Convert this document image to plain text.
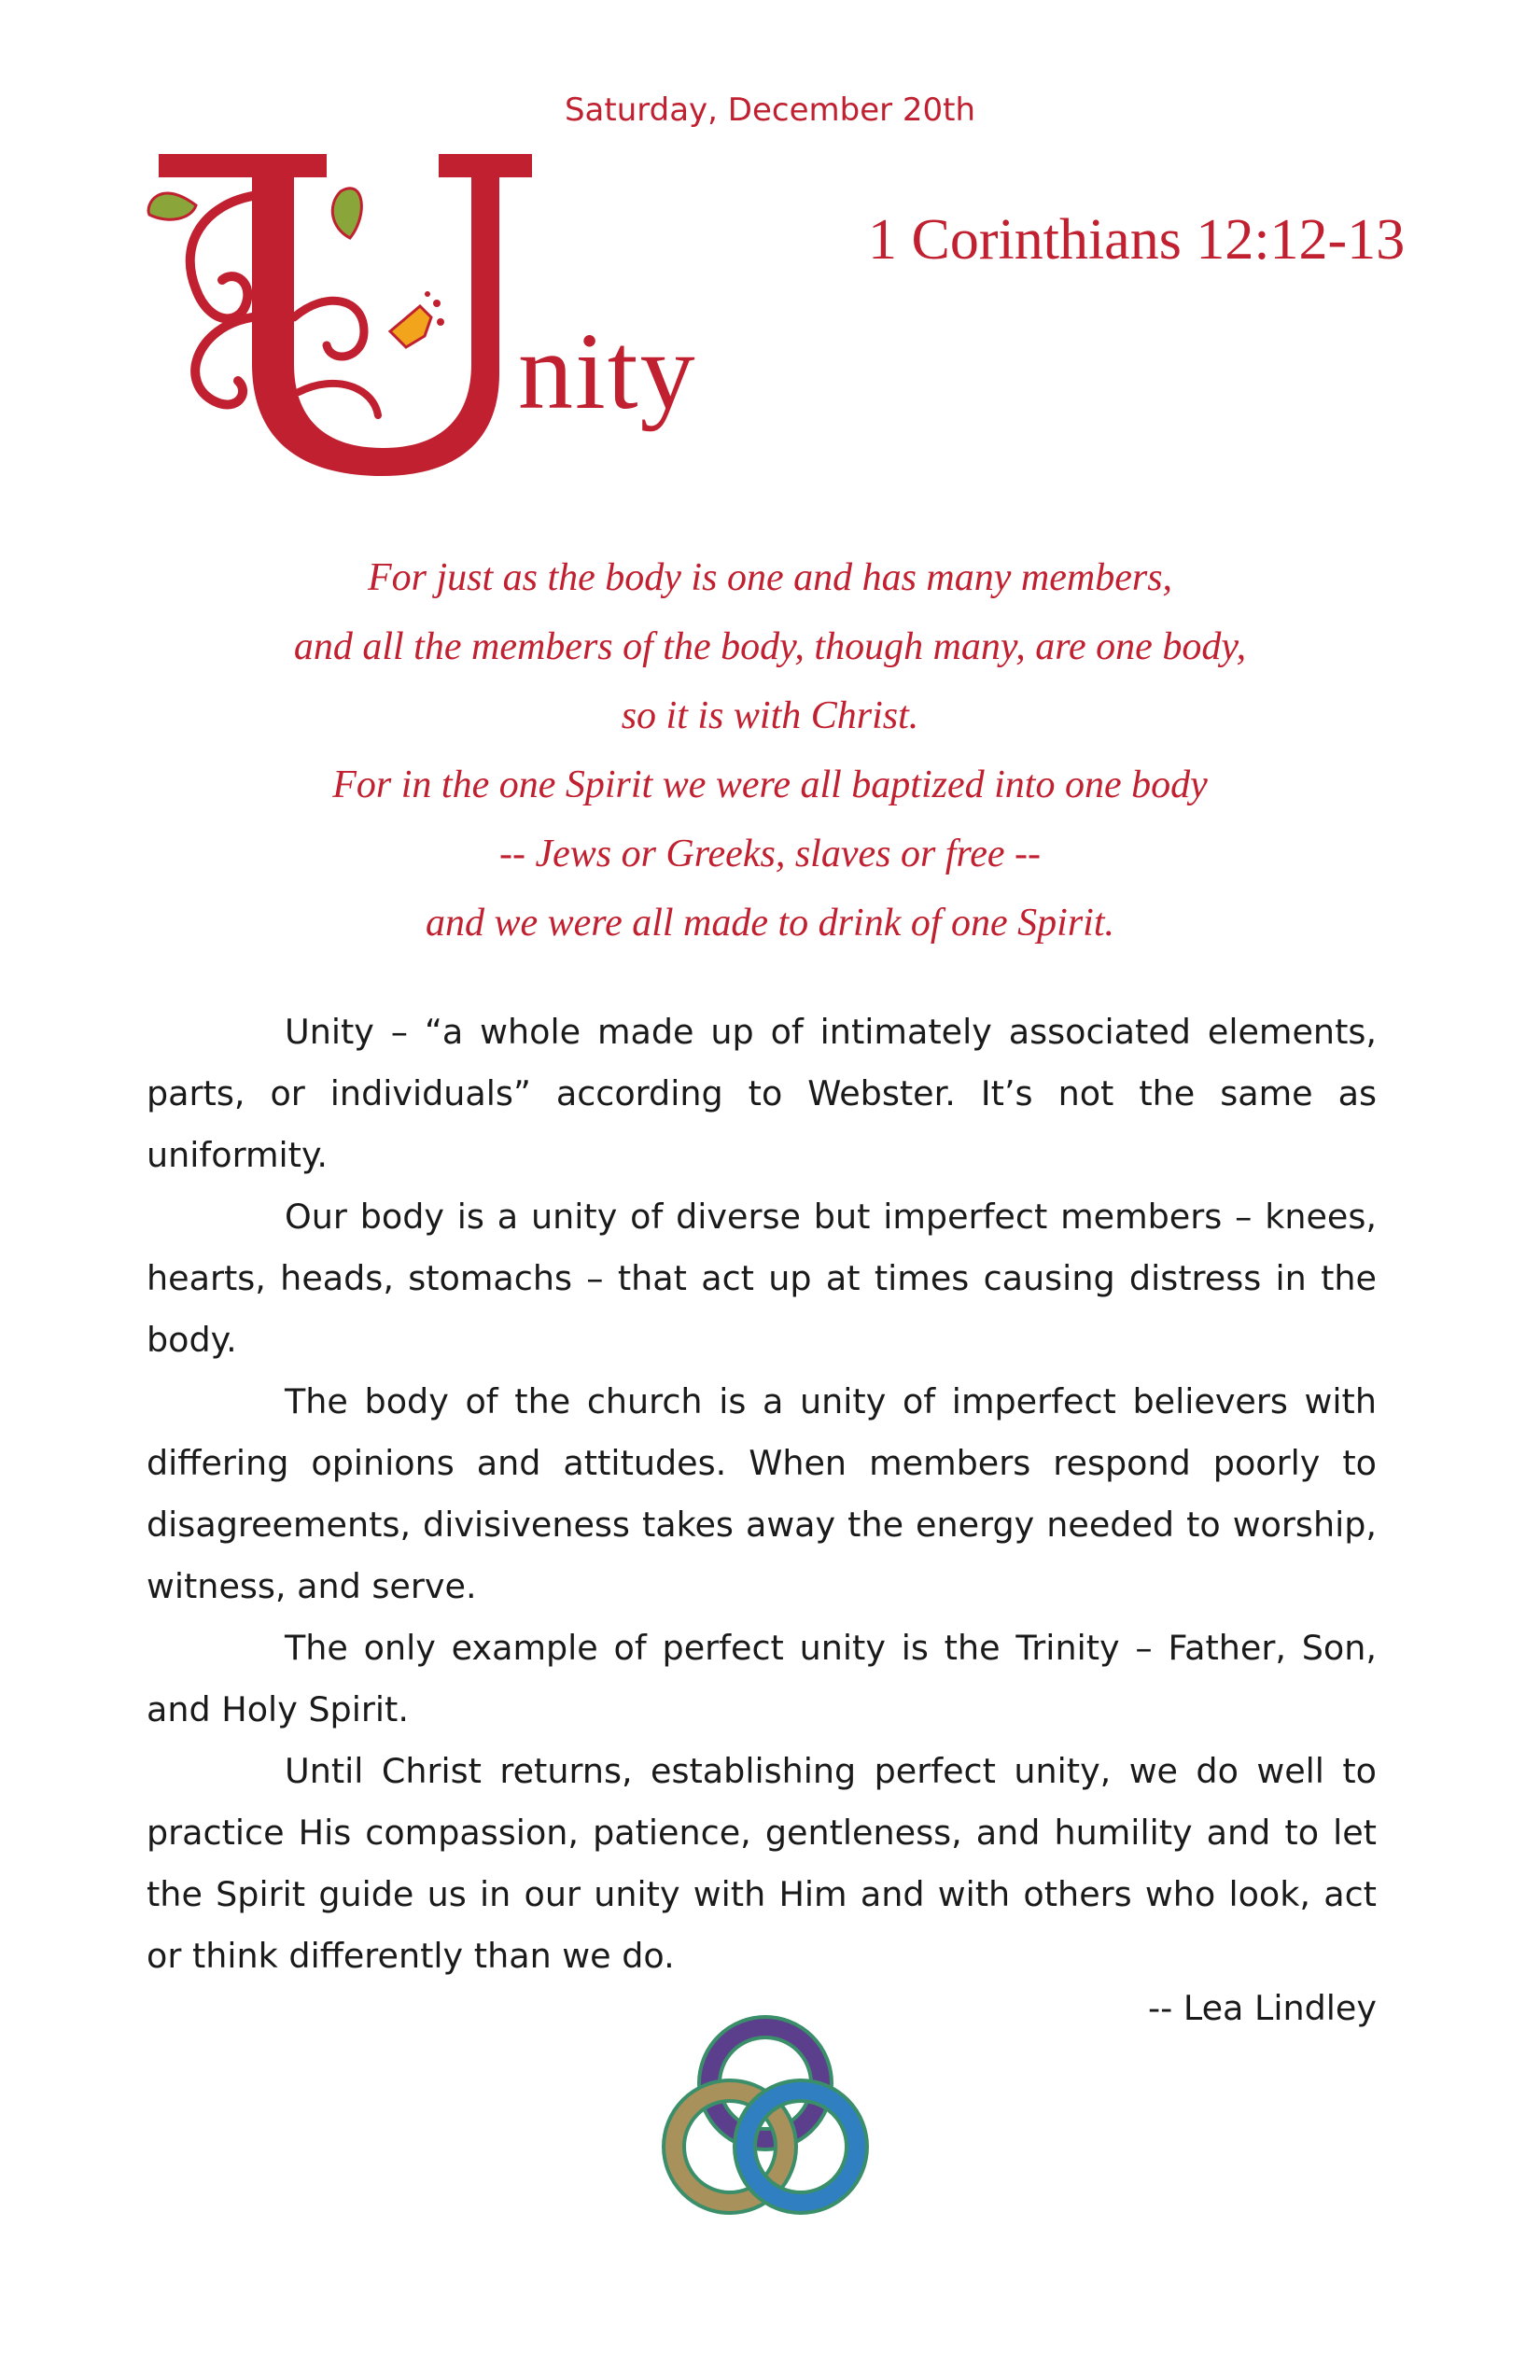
Saturday, December 20th
nity
1 Corinthians 12:12-13
For just as the body is one and has many members,
and all the members of the body, though many, are one body,
so it is with Christ.
For in the one Spirit we were all baptized into one body
-- Jews or Greeks, slaves or free --
and we were all made to drink of one Spirit.

Unity – “a whole made up of intimately associated elements, parts, or individuals” according to Webster. It’s not the same as uniformity.

Our body is a unity of diverse but imperfect members – knees, hearts, heads, stomachs – that act up at times causing distress in the body.

The body of the church is a unity of imperfect believers with differing opinions and attitudes. When members respond poorly to disagreements, divisiveness takes away the energy needed to worship, witness, and serve.

The only example of perfect unity is the Trinity – Father, Son, and Holy Spirit.

Until Christ returns, establishing perfect unity, we do well to practice His compassion, patience, gentleness, and humility and to let the Spirit guide us in our unity with Him and with others who look, act or think differently than we do.

-- Lea Lindley
